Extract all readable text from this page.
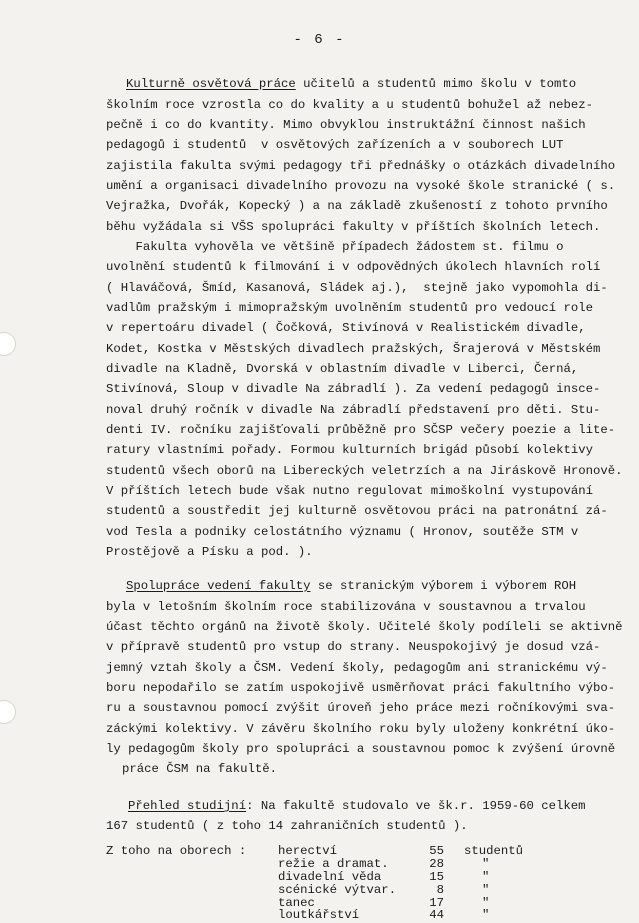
- 6 -
Kulturně osvětová práce učitelů a studentů mimo školu v tomto
školním roce vzrostla co do kvality a u studentů bohužel až nebez-
pečně i co do kvantity. Mimo obvyklou instruktážní činnost našich
pedagogů i studentů  v osvětových zařízeních a v souborech LUT
zajistila fakulta svými pedagogy tři přednášky o otázkách divadelního
umění a organisaci divadelního provozu na vysoké škole stranické ( s.
Vejražka, Dvořák, Kopecký ) a na základě zkušeností z tohoto prvního
běhu vyžádala si VŠS spolupráci fakulty v příštích školních letech.
Fakulta vyhověla ve většině případech žádostem st. filmu o
uvolnění studentů k filmování i v odpovědných úkolech hlavních rolí
( Hlaváčová, Šmíd, Kasanová, Sládek aj.),  stejně jako vypomohla di-
vadlům pražským i mimopražským uvolněním studentů pro vedoucí role
v repertoáru divadel ( Čočková, Stivínová v Realistickém divadle,
Kodet, Kostka v Městských divadlech pražských, Šrajerová v Městském
divadle na Kladně, Dvorská v oblastním divadle v Liberci, Černá,
Stivínová, Sloup v divadle Na zábradlí ). Za vedení pedagogů insce-
noval druhý ročník v divadle Na zábradlí představení pro děti. Stu-
denti IV. ročníku zajišťovali průběžně pro SČSP večery poezie a lite-
ratury vlastními pořady. Formou kulturních brigád působí kolektivy
studentů všech oborů na Libereckých veletrzích a na Jiráskově Hronově.
V příštích letech bude však nutno regulovat mimoškolní vystupování
studentů a soustředit jej kulturně osvětovou práci na patronátní zá-
vod Tesla a podniky celostátního významu ( Hronov, soutěže STM v
Prostějově a Písku a pod. ).
Spolupráce vedení fakulty se stranickým výborem i výborem ROH
byla v letošním školním roce stabilizována v soustavnou a trvalou
účast těchto orgánů na životě školy. Učitelé školy podíleli se aktivně
v přípravě studentů pro vstup do strany. Neuspokojivý je dosud vzá-
jemný vztah školy a ČSM. Vedení školy, pedagogům ani stranickému vý-
boru nepodařilo se zatím uspokojivě usměrňovat práci fakultního výbo-
ru a soustavnou pomocí zvýšit úroveň jeho práce mezi ročníkovými sva-
záckými kolektivy. V závěru školního roku byly uloženy konkrétní úko-
ly pedagogům školy pro spolupráci a soustavnou pomoc k zvýšení úrovně
práce ČSM na fakultě.
Přehled studijní: Na fakultě studovalo ve šk.r. 1959-60 celkem
167 studentů ( z toho 14 zahraničních studentů ).
Z toho na oborech :	herectví	55 studentů
režie a dramat.	28	"
divadelní věda	15	"
scénické výtvar.	8	"
tanec	17	"
loutkářství	44	"
